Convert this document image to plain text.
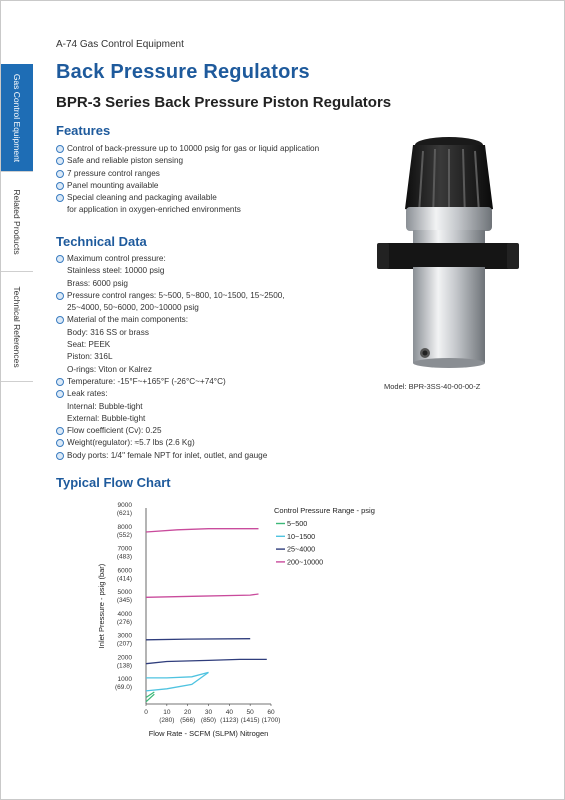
A-74 Gas Control Equipment
Back Pressure Regulators
BPR-3 Series Back Pressure Piston Regulators
Gas Control Equipment
Related Products
Technical References
Features
Control of back-pressure up to 10000 psig for gas or liquid application
Safe and reliable piston sensing
7 pressure control ranges
Panel mounting available
Special cleaning and packaging available
for application in oxygen-enriched environments
Technical Data
Maximum control pressure:
Stainless steel: 10000 psig
Brass: 6000 psig
Pressure control ranges: 5~500, 5~800, 10~1500, 15~2500,
25~4000, 50~6000, 200~10000 psig
Material of the main components:
Body: 316 SS or brass
Seat: PEEK
Piston: 316L
O-rings: Viton or Kalrez
Temperature: -15°F~+165°F (-26°C~+74°C)
Leak rates:
Internal: Bubble-tight
External: Bubble-tight
Flow coefficient (Cv): 0.25
Weight(regulator): ≈5.7 lbs (2.6 Kg)
Body ports: 1/4" female NPT for inlet, outlet, and gauge
Model: BPR-3SS-40-00-00-Z
Typical Flow Chart
1000
(69.0)
2000
(138)
3000
(207)
4000
(276)
5000
(345)
6000
(414)
7000
(483)
8000
(552)
9000
(621)
0 10
(280)
20
(566)
30
(850)
40
(1123)
50
(1415)
60
(1700)
Flow Rate - SCFM (SLPM) Nitrogen
Inlet Pressure - psig (bar)
Control Pressure Range - psig
5~500
10~1500
25~4000
200~10000
